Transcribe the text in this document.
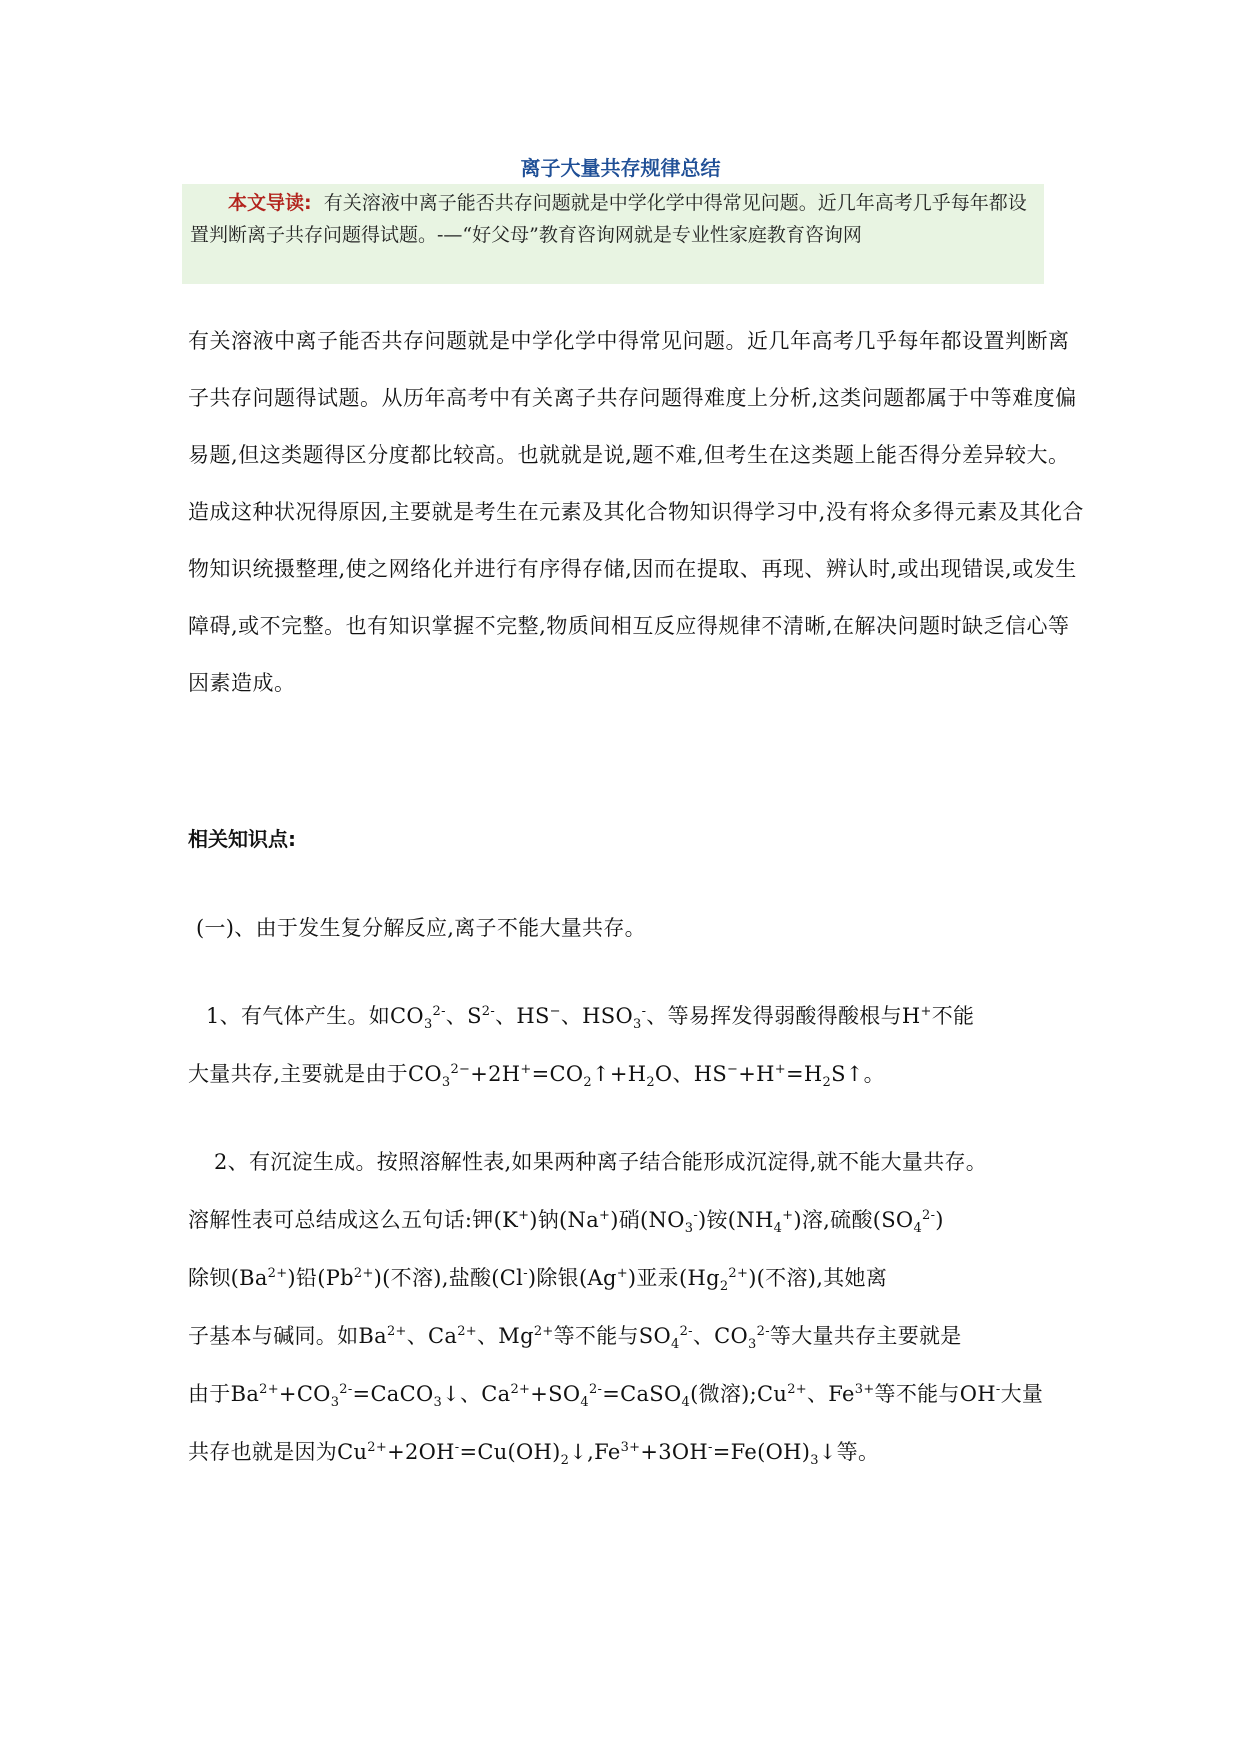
离子大量共存规律总结
本文导读: 有关溶液中离子能否共存问题就是中学化学中得常见问题。近几年高考几乎每年都设置判断离子共存问题得试题。-—“好父母”教育咨询网就是专业性家庭教育咨询网
有关溶液中离子能否共存问题就是中学化学中得常见问题。近几年高考几乎每年都设置判断离子共存问题得试题。从历年高考中有关离子共存问题得难度上分析,这类问题都属于中等难度偏易题,但这类题得区分度都比较高。也就就是说,题不难,但考生在这类题上能否得分差异较大。造成这种状况得原因,主要就是考生在元素及其化合物知识得学习中,没有将众多得元素及其化合物知识统摄整理,使之网络化并进行有序得存储,因而在提取、再现、辨认时,或出现错误,或发生障碍,或不完整。也有知识掌握不完整,物质间相互反应得规律不清晰,在解决问题时缺乏信心等因素造成。
相关知识点:
(一)、由于发生复分解反应,离子不能大量共存。
1、有气体产生。如$CO_3^{2-}$、$S^{2-}$、HS−、$HSO_3^-$、等易挥发得弱酸得酸根与H+不能
大量共存,主要就是由于$CO_3^{2-}+2H^+=CO_2↑+H_2O$、$HS^-+H^+=H_2S↑$。
2、有沉淀生成。按照溶解性表,如果两种离子结合能形成沉淀得,就不能大量共存。
溶解性表可总结成这么五句话:钾(K+)钠(Na+)硝$(NO_3^-)$铵$(NH_4^+)$溶,硫酸$(SO_4^{2-})$
除钡$(Ba^{2+})$铅$(Pb^{2+})$(不溶),盐酸(Cl-)除银(Ag+)亚汞$(Hg_2^{2+})$(不溶),其她离
子基本与碱同。如$Ba^{2+}$、$Ca^{2+}$、$Mg^{2+}$等不能与$SO_4^{2-}$、$CO_3^{2-}$等大量共存主要就是
由于$Ba^{2+}+CO_3^{2-}=CaCO_3↓$、$Ca^{2+}+SO_4^{2-}=CaSO_4$(微溶)$;Cu^{2+}$、$Fe^{3+}$等不能与OH-大量
共存也就是因为$Cu^{2+}+2OH^-=Cu(OH)_2↓,Fe^{3+}+3OH^-=Fe(OH)_3↓$等。
